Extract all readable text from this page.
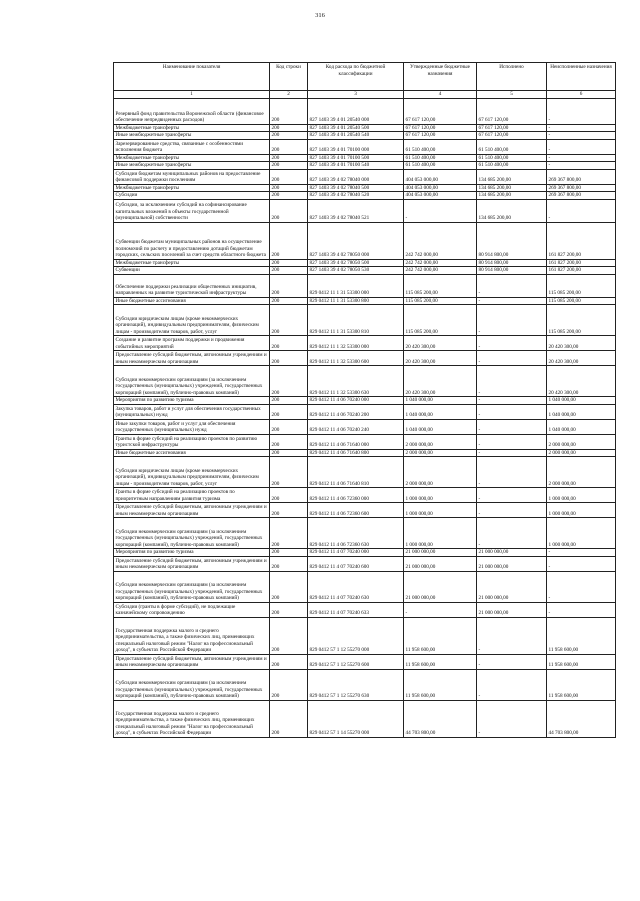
316
Наименование показателя	Код строки	Код расхода по бюджетной классификации	Утвержденные бюджетные назначения	Исполнено	Неисполненные назначения
1	2	3	4	5	6
Резервный фонд правительства Воронежской области (финансовое обеспечение непредвиденных расходов)	200	827 1403 39 4 01 20540 000	67 617 120,00	67 617 120,00	-
Межбюджетные трансферты	200	827 1403 39 4 01 20540 500	67 617 120,00	67 617 120,00	-
Иные межбюджетные трансферты	200	827 1403 39 4 01 20540 540	67 617 120,00	67 617 120,00	-
Зарезервированные средства, связанные с особенностями исполнения бюджета	200	827 1403 39 4 01 70100 000	61 510 400,00	61 510 400,00	-
Межбюджетные трансферты	200	827 1403 39 4 01 70100 500	61 510 400,00	61 510 400,00	-
Иные межбюджетные трансферты	200	827 1403 39 4 01 70100 540	61 510 400,00	61 510 400,00	-
Субсидии бюджетам муниципальных районов на предоставление финансовой поддержки поселениям	200	827 1403 39 4 02 78040 000	404 053 000,00	134 685 200,00	269 367 800,00
Межбюджетные трансферты	200	827 1403 39 4 02 78040 500	404 053 000,00	134 685 200,00	269 367 800,00
Субсидии	200	827 1403 39 4 02 78040 520	404 053 000,00	134 685 200,00	269 367 800,00
Субсидии, за исключением субсидий на софинансирование капитальных вложений в объекты государственной (муниципальной) собственности	200	827 1403 39 4 02 78040 521	-	134 685 200,00	-
Субвенции бюджетам муниципальных районов на осуществление полномочий по расчету и предоставлению дотаций бюджетам городских, сельских поселений за счет средств областного бюджета	200	827 1403 39 4 02 78050 000	242 742 000,00	80 914 800,00	161 827 200,00
Межбюджетные трансферты	200	827 1403 39 4 02 78050 500	242 742 000,00	80 914 800,00	161 827 200,00
Субвенции	200	827 1403 39 4 02 78050 530	242 742 000,00	80 914 800,00	161 827 200,00
Обеспечение поддержки реализации общественных инициатив, направленных на развитие туристической инфраструктуры	200	829 0412 11 1 31 53300 000	115 085 200,00	-	115 085 200,00
Иные бюджетные ассигнования	200	829 0412 11 1 31 53300 800	115 085 200,00	-	115 085 200,00
Субсидии юридическим лицам (кроме некоммерческих организаций), индивидуальным предпринимателям, физическим лицам - производителям товаров, работ, услуг	200	829 0412 11 1 31 53300 810	115 085 200,00	-	115 085 200,00
Создание и развитие программ поддержки и продвижения событийных мероприятий	200	829 0412 11 1 32 53300 000	20 420 300,00	-	20 420 300,00
Предоставление субсидий бюджетным, автономным учреждениям и иным некоммерческим организациям	200	829 0412 11 1 32 53300 600	20 420 300,00	-	20 420 300,00
Субсидии некоммерческим организациям (за исключением государственных (муниципальных) учреждений, государственных корпораций (компаний), публично-правовых компаний)	200	829 0412 11 1 32 53300 630	20 420 300,00	-	20 420 300,00
Мероприятия по развитию туризма	200	829 0412 11 4 06 70240 000	1 040 000,00	-	1 040 000,00
Закупка товаров, работ и услуг для обеспечения государственных (муниципальных) нужд	200	829 0412 11 4 06 70240 200	1 040 000,00	-	1 040 000,00
Иные закупки товаров, работ и услуг для обеспечения государственных (муниципальных) нужд	200	829 0412 11 4 06 70240 240	1 040 000,00	-	1 040 000,00
Гранты в форме субсидий на реализацию проектов по развитию туристской инфраструктуры	200	829 0412 11 4 06 71640 000	2 000 000,00	-	2 000 000,00
Иные бюджетные ассигнования	200	829 0412 11 4 06 71640 800	2 000 000,00	-	2 000 000,00
Субсидии юридическим лицам (кроме некоммерческих организаций), индивидуальным предпринимателям, физическим лицам - производителям товаров, работ, услуг	200	829 0412 11 4 06 71640 810	2 000 000,00	-	2 000 000,00
Гранты в форме субсидий на реализацию проектов по приоритетным направлениям развития туризма	200	829 0412 11 4 06 72360 000	1 000 000,00	-	1 000 000,00
Предоставление субсидий бюджетным, автономным учреждениям и иным некоммерческим организациям	200	829 0412 11 4 06 72360 600	1 000 000,00	-	1 000 000,00
Субсидии некоммерческим организациям (за исключением государственных (муниципальных) учреждений, государственных корпораций (компаний), публично-правовых компаний)	200	829 0412 11 4 06 72360 630	1 000 000,00	-	1 000 000,00
Мероприятия по развитию туризма	200	829 0412 11 4 07 70240 000	21 000 000,00	21 000 000,00	-
Предоставление субсидий бюджетным, автономным учреждениям и иным некоммерческим организациям	200	829 0412 11 4 07 70240 600	21 000 000,00	21 000 000,00	-
Субсидии некоммерческим организациям (за исключением государственных (муниципальных) учреждений, государственных корпораций (компаний), публично-правовых компаний)	200	829 0412 11 4 07 70240 630	21 000 000,00	21 000 000,00	-
Субсидии (гранты в форме субсидий), не подлежащие казначейскому сопровождению	200	829 0412 11 4 07 70240 633	-	21 000 000,00	-
Государственная поддержка малого и среднего предпринимательства, а также физических лиц, применяющих специальный налоговый режим "Налог на профессиональный доход", в субъектах Российской Федерации	200	829 0412 57 1 12 55270 000	11 958 600,00	-	11 958 600,00
Предоставление субсидий бюджетным, автономным учреждениям и иным некоммерческим организациям	200	829 0412 57 1 12 55270 600	11 958 600,00	-	11 958 600,00
Субсидии некоммерческим организациям (за исключением государственных (муниципальных) учреждений, государственных корпораций (компаний), публично-правовых компаний)	200	829 0412 57 1 12 55270 630	11 958 600,00	-	11 958 600,00
Государственная поддержка малого и среднего предпринимательства, а также физических лиц, применяющих специальный налоговый режим "Налог на профессиональный доход", в субъектах Российской Федерации	200	829 0412 57 1 14 55270 000	44 703 800,00	-	44 703 800,00
